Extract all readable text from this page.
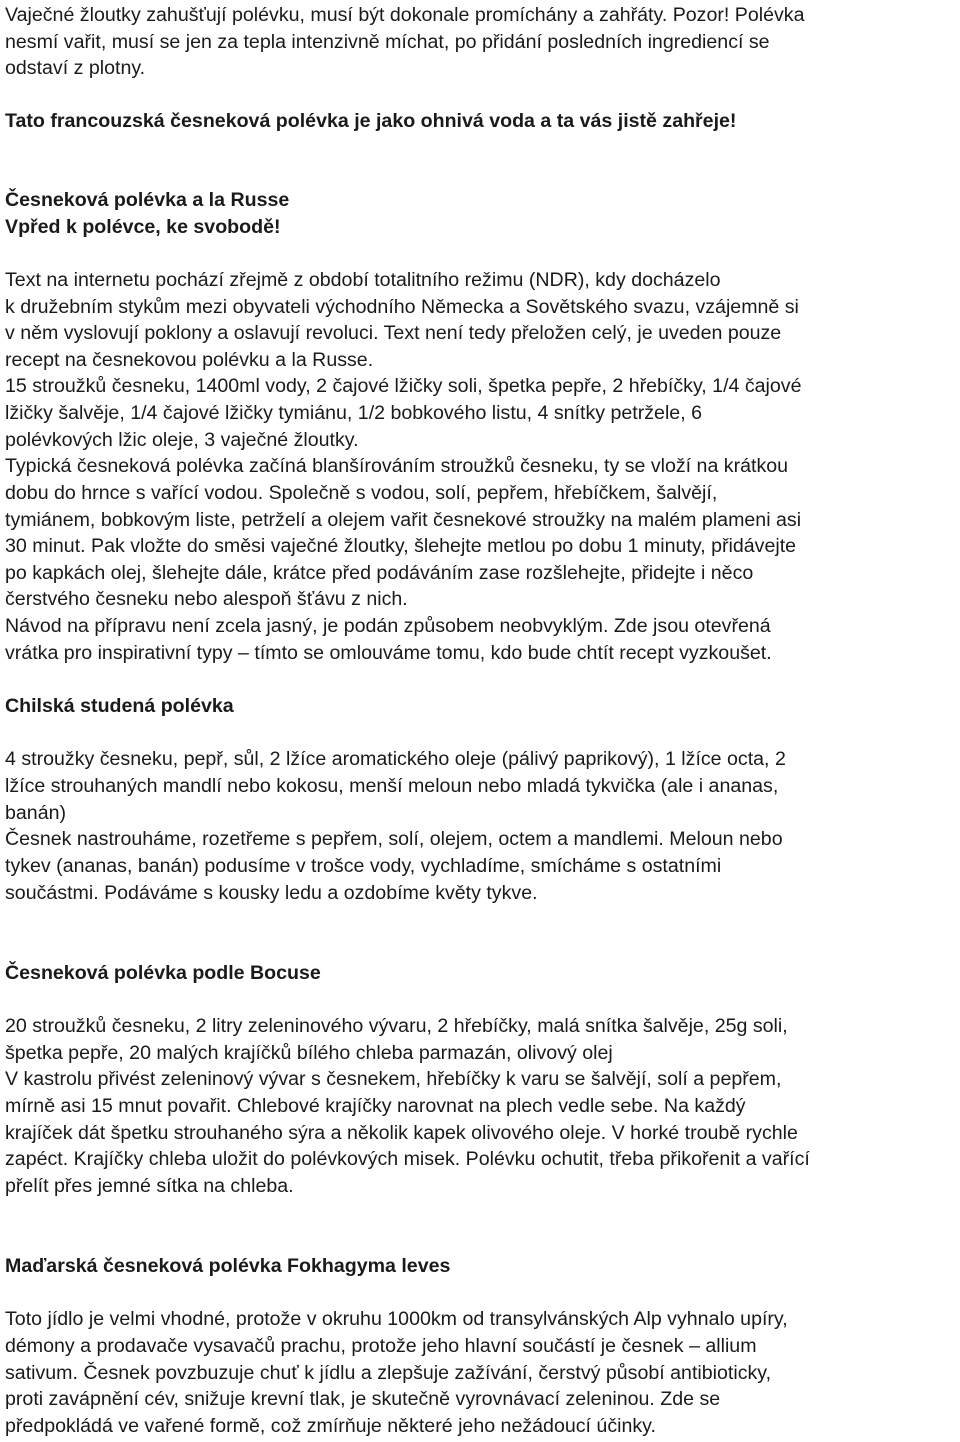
Vaječné žloutky zahušťují polévku, musí být dokonale promíchány a zahřáty. Pozor! Polévka
nesmí vařit, musí se jen za tepla intenzivně míchat, po přidání posledních ingrediencí se
odstaví z plotny.
Tato francouzská česneková polévka je jako ohnivá voda a ta vás jistě zahřeje!
Česneková polévka a la Russe
Vpřed k polévce, ke svobodě!
Text na internetu pochází zřejmě z období totalitního režimu (NDR), kdy docházelo
k družebním stykům mezi obyvateli východního Německa a Sovětského svazu, vzájemně si
v něm vyslovují poklony a oslavují revoluci. Text není tedy přeložen celý, je uveden pouze
recept na česnekovou polévku a la Russe.
15 stroužků česneku, 1400ml vody, 2 čajové lžičky soli, špetka pepře, 2 hřebíčky, 1/4 čajové
lžičky šalvěje, 1/4 čajové lžičky tymiánu, 1/2 bobkového listu, 4 snítky petržele, 6
polévkových lžic oleje, 3 vaječné žloutky.
Typická česneková polévka začíná blanšírováním stroužků česneku, ty se vloží na krátkou
dobu do hrnce s vařící vodou. Společně s vodou, solí, pepřem, hřebíčkem, šalvějí,
tymiánem, bobkovým liste, petrželí a olejem vařit česnekové stroužky na malém plameni asi
30 minut. Pak vložte do směsi vaječné žloutky, šlehejte metlou po dobu 1 minuty, přidávejte
po kapkách olej, šlehejte dále, krátce před podáváním zase rozšlehejte, přidejte i něco
čerstvého česneku nebo alespoň šťávu z nich.
Návod na přípravu není zcela jasný, je podán způsobem neobvyklým. Zde jsou otevřená
vrátka pro inspirativní typy – tímto se omlouváme tomu, kdo bude chtít recept vyzkoušet.
Chilská studená polévka
4 stroužky česneku, pepř, sůl, 2 lžíce aromatického oleje (pálivý paprikový), 1 lžíce octa, 2
lžíce strouhaných mandlí nebo kokosu, menší meloun nebo mladá tykvička (ale i ananas,
banán)
Česnek nastrouháme, rozetřeme s pepřem, solí, olejem, octem a mandlemi. Meloun nebo
tykev (ananas, banán) podusíme v trošce vody, vychladíme, smícháme s ostatními
součástmi. Podáváme s kousky ledu a ozdobíme květy tykve.
Česneková polévka podle Bocuse
20 stroužků česneku, 2 litry zeleninového vývaru, 2 hřebíčky, malá snítka šalvěje, 25g soli,
špetka pepře, 20 malých krajíčků bílého chleba parmazán, olivový olej
V kastrolu přivést zeleninový vývar s česnekem, hřebíčky k varu se šalvějí, solí a pepřem,
mírně asi 15 mnut povařit. Chlebové krajíčky narovnat na plech vedle sebe. Na každý
krajíček dát špetku strouhaného sýra a několik kapek olivového oleje. V horké troubě rychle
zapéct. Krajíčky chleba uložit do polévkových misek. Polévku ochutit, třeba přikořenit a vařící
přelít přes jemné sítka na chleba.
Maďarská česneková polévka Fokhagyma leves
Toto jídlo je velmi vhodné, protože v okruhu 1000km od transylvánských Alp vyhnalo upíry,
démony a prodavače vysavačů prachu, protože jeho hlavní součástí je česnek – allium
sativum. Česnek povzbuzuje chuť k jídlu a zlepšuje zažívání, čerstvý působí antibioticky,
proti zavápnění cév, snižuje krevní tlak, je skutečně vyrovnávací zeleninou. Zde se
předpokládá ve vařené formě, což zmírňuje některé jeho nežádoucí účinky.
